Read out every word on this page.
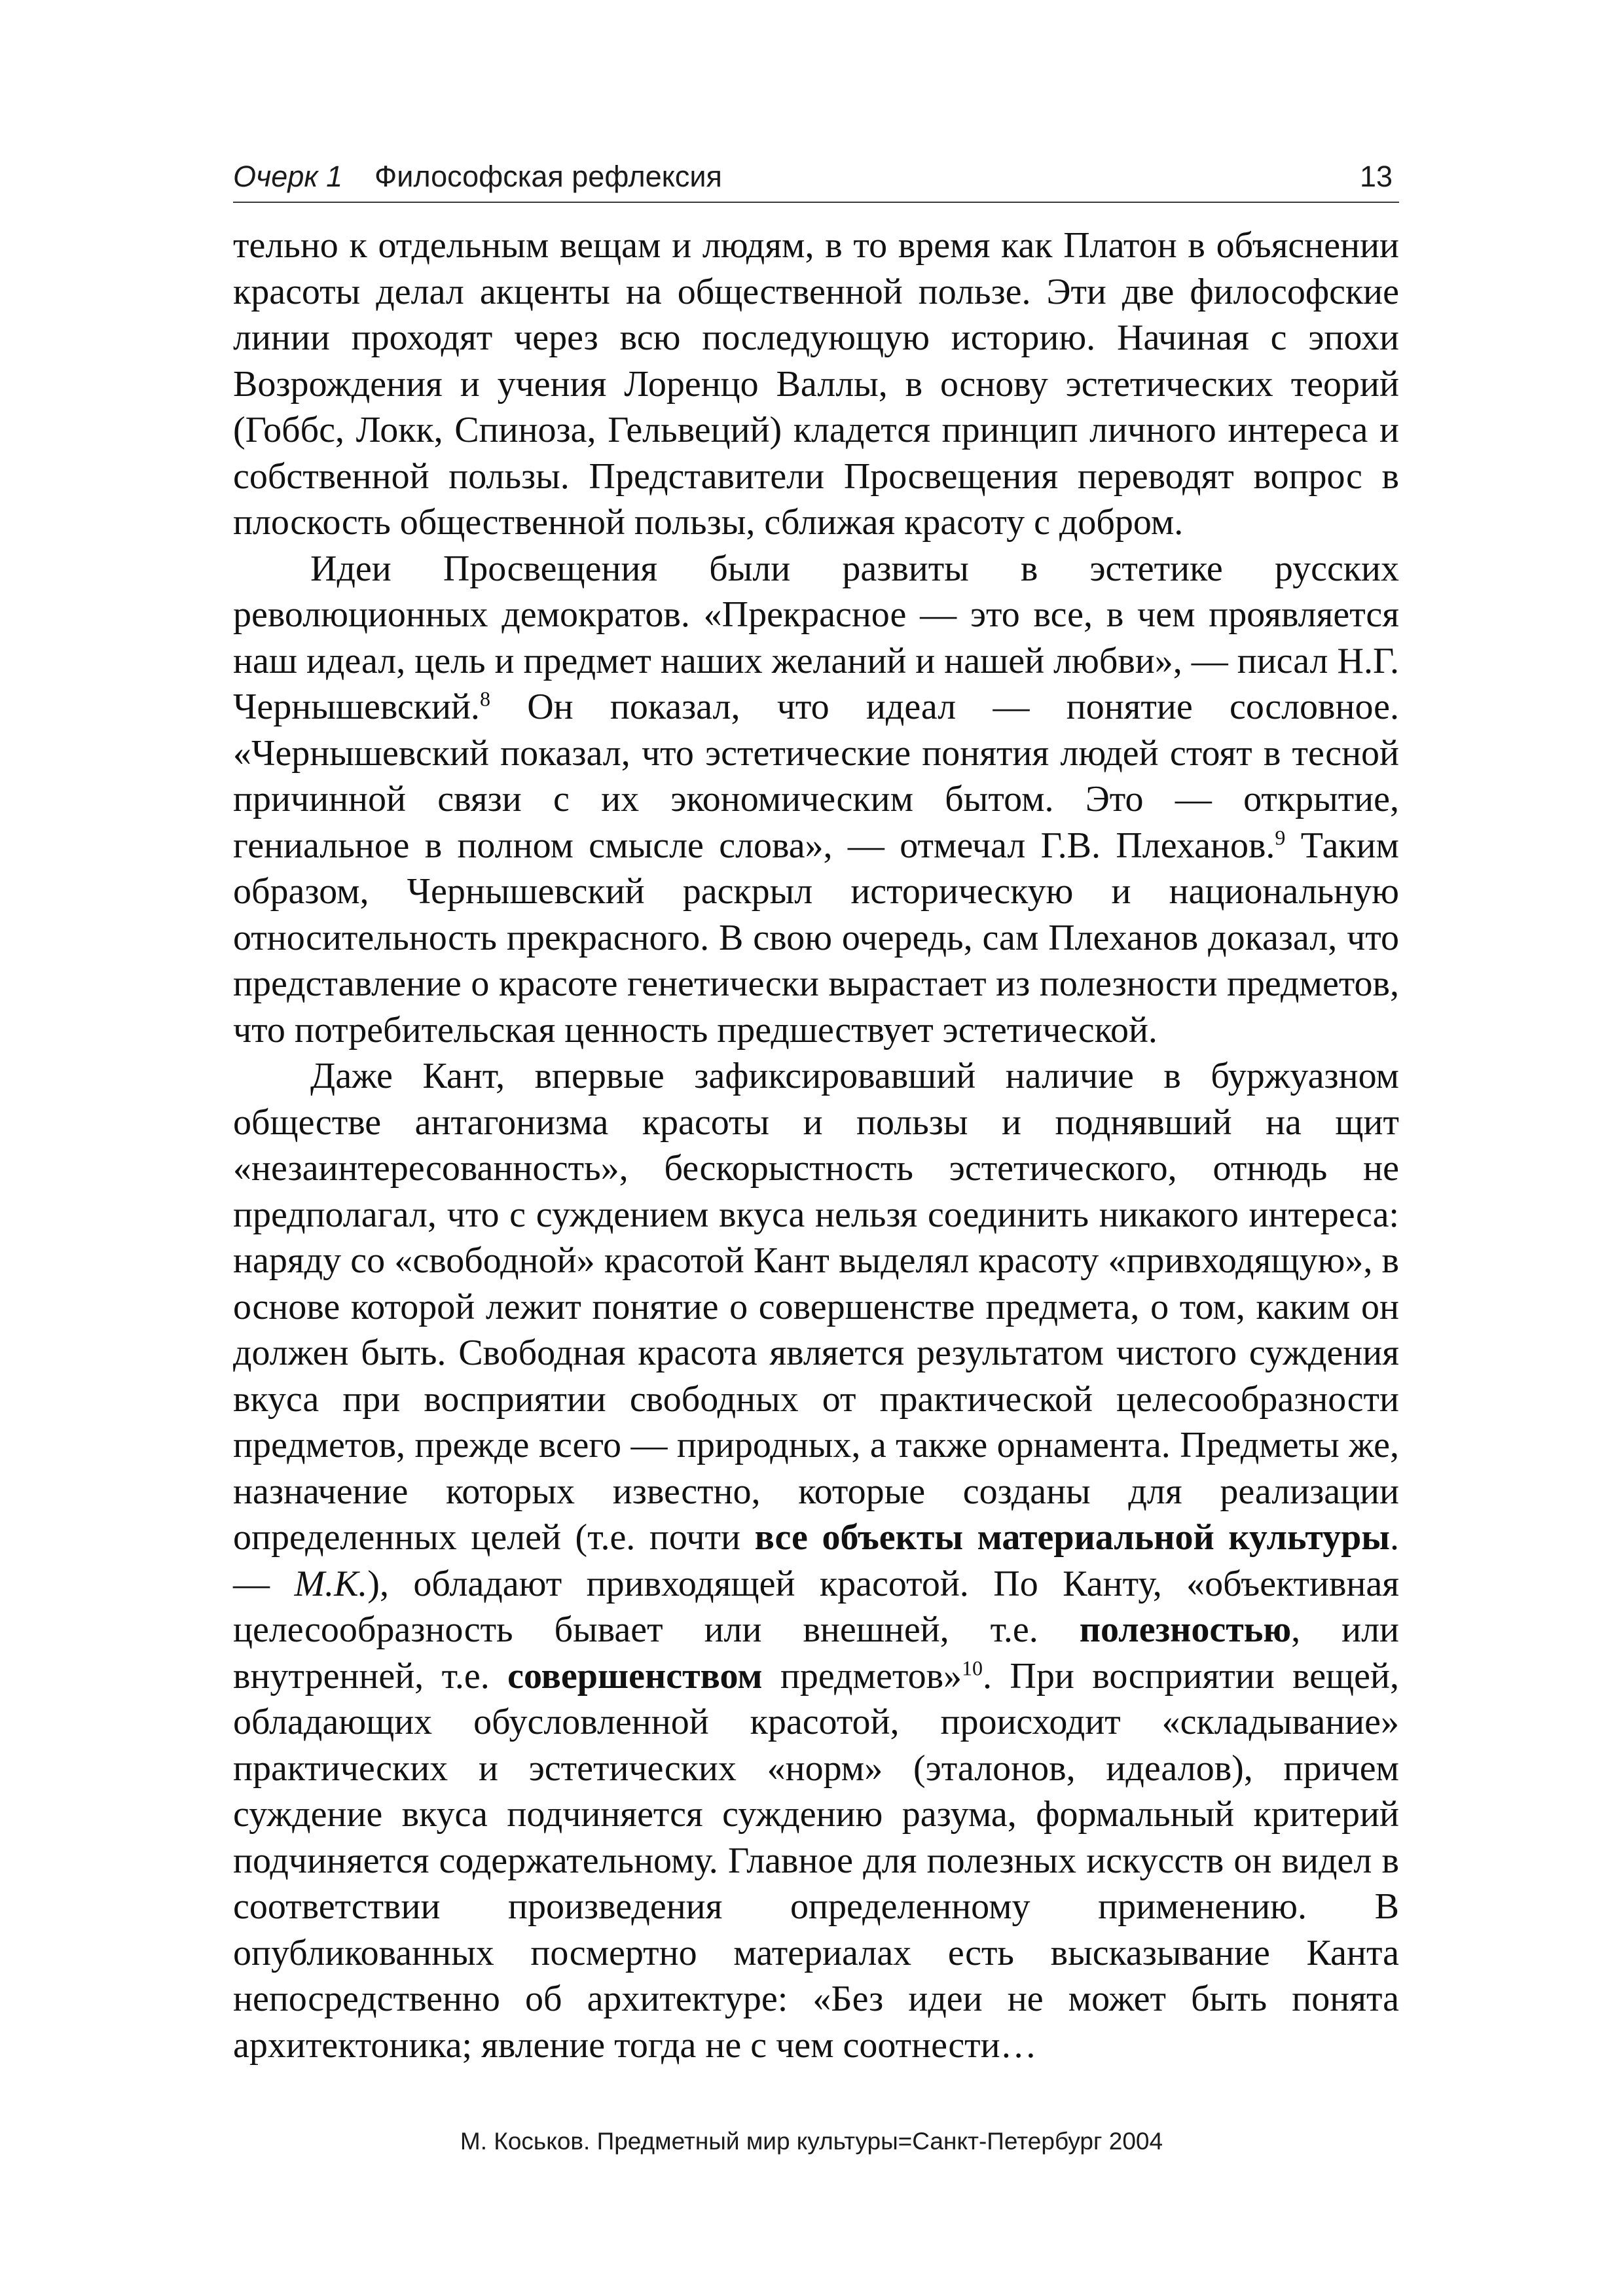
Очерк 1 Философская рефлексия	13

тельно к отдельным вещам и людям, в то время как Платон в объяснении красоты делал акценты на общественной пользе. Эти две философские линии проходят через всю последующую историю. Начиная с эпохи Возрождения и учения Лоренцо Валлы, в основу эстетических теорий (Гоббс, Локк, Спиноза, Гельвеций) кладется принцип личного интереса и собственной пользы. Представители Просвещения переводят вопрос в плоскость общественной пользы, сближая красоту с добром.

Идеи Просвещения были развиты в эстетике русских революционных демократов. «Прекрасное — это все, в чем проявляется наш идеал, цель и предмет наших желаний и нашей любви», — писал Н.Г. Чернышевский.$^8$ Он показал, что идеал — понятие сословное. «Чернышевский показал, что эстетические понятия людей стоят в тесной причинной связи с их экономическим бытом. Это — открытие, гениальное в полном смысле слова», — отмечал Г.В. Плеханов.$^9$ Таким образом, Чернышевский раскрыл историческую и национальную относительность прекрасного. В свою очередь, сам Плеханов доказал, что представление о красоте генетически вырастает из полезности предметов, что потребительская ценность предшествует эстетической.

Даже Кант, впервые зафиксировавший наличие в буржуазном обществе антагонизма красоты и пользы и поднявший на щит «незаинтересованность», бескорыстность эстетического, отнюдь не предполагал, что с суждением вкуса нельзя соединить никакого интереса: наряду со «свободной» красотой Кант выделял красоту «привходящую», в основе которой лежит понятие о совершенстве предмета, о том, каким он должен быть. Свободная красота является результатом чистого суждения вкуса при восприятии свободных от практической целесообразности предметов, прежде всего — природных, а также орнамента. Предметы же, назначение которых известно, которые созданы для реализации определенных целей (т.е. почти все объекты материальной культуры. — М.К.), обладают привходящей красотой. По Канту, «объективная целесообразность бывает или внешней, т.е. полезностью, или внутренней, т.е. совершенством предметов»$^{10}$. При восприятии вещей, обладающих обусловленной красотой, происходит «складывание» практических и эстетических «норм» (эталонов, идеалов), причем суждение вкуса подчиняется суждению разума, формальный критерий подчиняется содержательному. Главное для полезных искусств он видел в соответствии произведения определенному применению. В опубликованных посмертно материалах есть высказывание Канта непосредственно об архитектуре: «Без идеи не может быть понята архитектоника; явление тогда не с чем соотнести…

М. Коськов. Предметный мир культуры=Санкт-Петербург 2004
